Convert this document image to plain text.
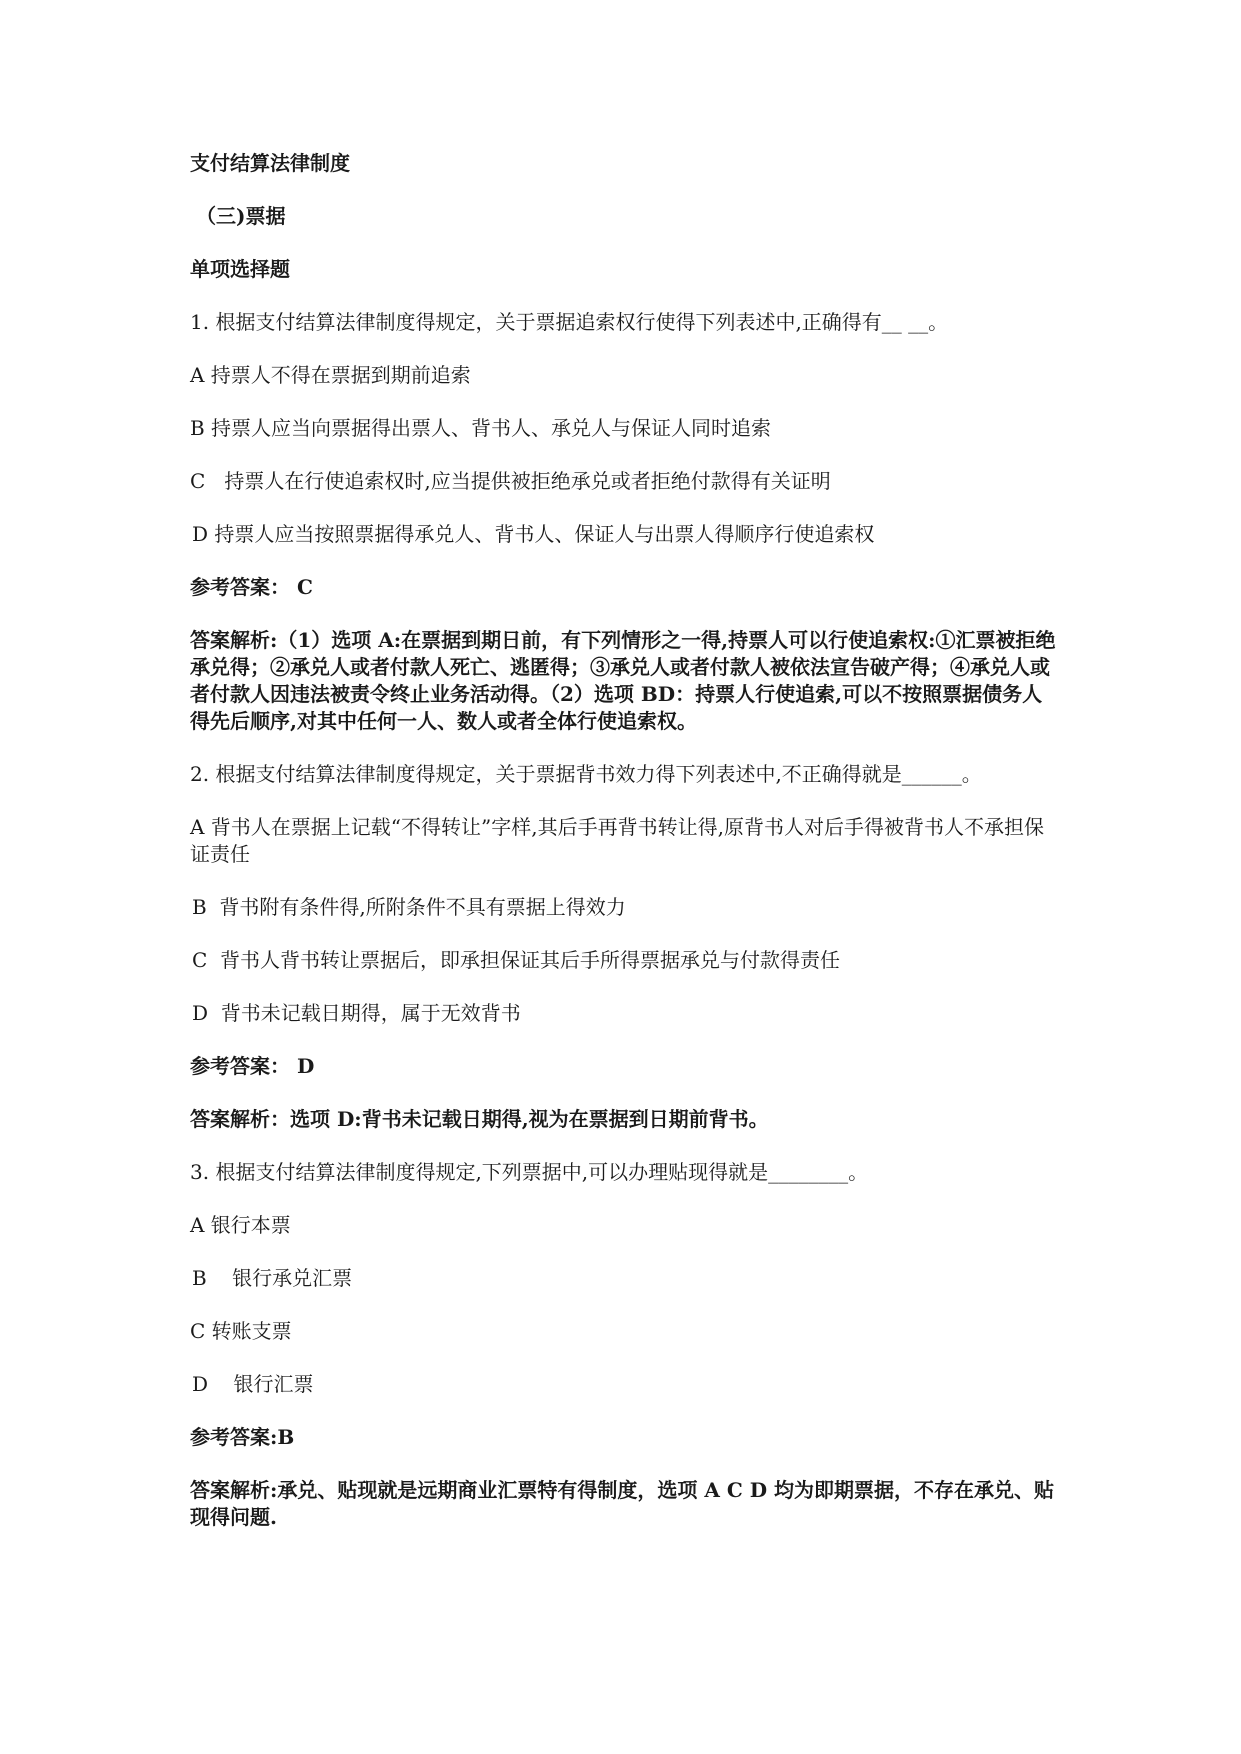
支付结算法律制度
（三)票据
单项选择题
1. 根据支付结算法律制度得规定，关于票据追索权行使得下列表述中,正确得有__ __。
A 持票人不得在票据到期前追索
B 持票人应当向票据得出票人、背书人、承兑人与保证人同时追索
C   持票人在行使追索权时,应当提供被拒绝承兑或者拒绝付款得有关证明
D 持票人应当按照票据得承兑人、背书人、保证人与出票人得顺序行使追索权
参考答案： C
答案解析:（1）选项 A:在票据到期日前，有下列情形之一得,持票人可以行使追索权:①汇票被拒绝承兑得；②承兑人或者付款人死亡、逃匿得；③承兑人或者付款人被依法宣告破产得；④承兑人或者付款人因违法被责令终止业务活动得。（2）选项 BD：持票人行使追索,可以不按照票据债务人得先后顺序,对其中任何一人、数人或者全体行使追索权。
2. 根据支付结算法律制度得规定，关于票据背书效力得下列表述中,不正确得就是______。
A 背书人在票据上记载“不得转让”字样,其后手再背书转让得,原背书人对后手得被背书人不承担保证责任
B  背书附有条件得,所附条件不具有票据上得效力
C  背书人背书转让票据后，即承担保证其后手所得票据承兑与付款得责任
D  背书未记载日期得，属于无效背书
参考答案： D
答案解析：选项 D:背书未记载日期得,视为在票据到日期前背书。
3. 根据支付结算法律制度得规定,下列票据中,可以办理贴现得就是________。
A 银行本票
B    银行承兑汇票
C 转账支票
D    银行汇票
参考答案:B
答案解析:承兑、贴现就是远期商业汇票特有得制度，选项 A C D 均为即期票据，不存在承兑、贴现得问题.
